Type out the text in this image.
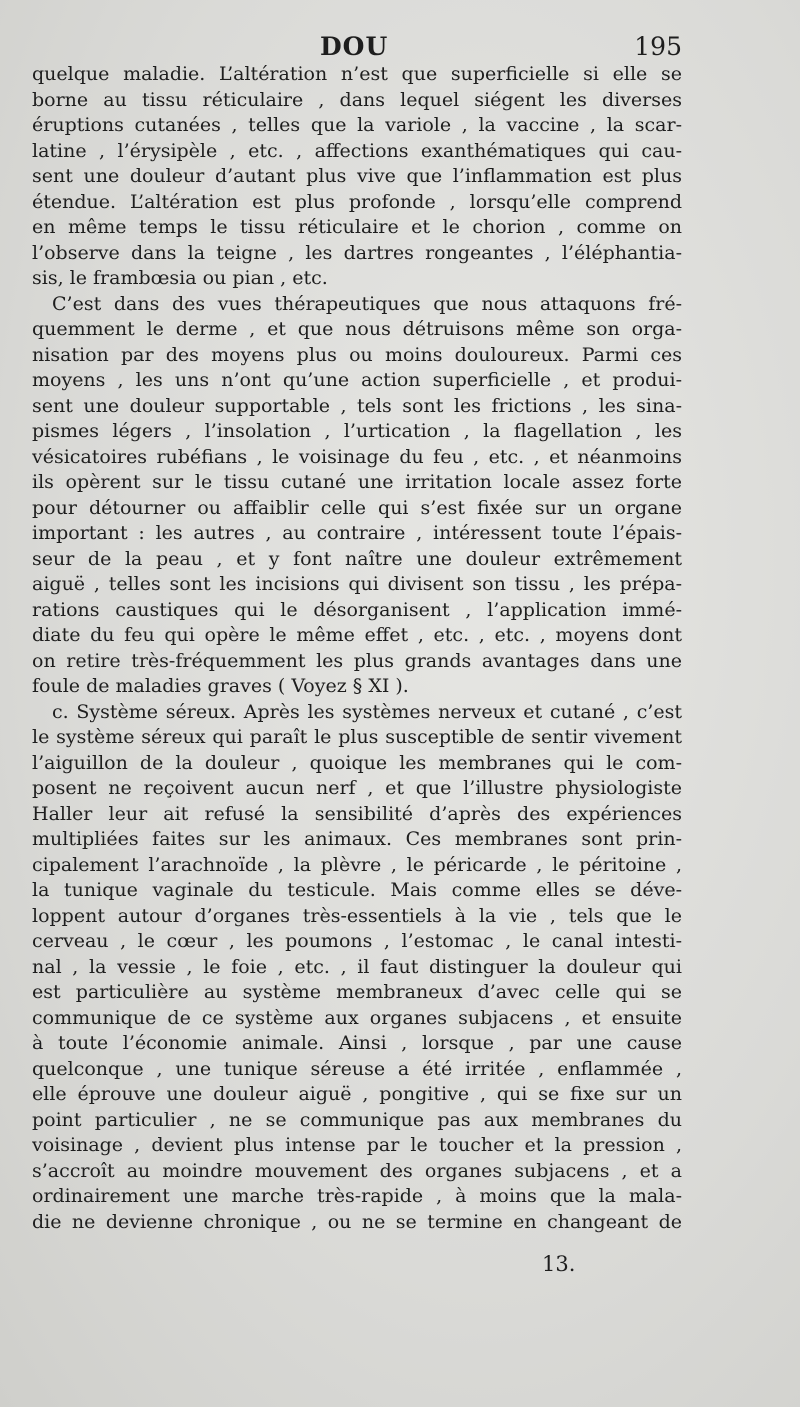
DOU	195
quelque maladie. L’altération n’est que superficielle si elle se
borne au tissu réticulaire , dans lequel siégent les diverses
éruptions cutanées , telles que la variole , la vaccine , la scar-
latine , l’érysipèle , etc. , affections exanthématiques qui cau-
sent une douleur d’autant plus vive que l’inflammation est plus
étendue. L’altération est plus profonde , lorsqu’elle comprend
en même temps le tissu réticulaire et le chorion , comme on
l’observe dans la teigne , les dartres rongeantes , l’éléphantia-
sis, le frambœsia ou pian , etc.
C’est dans des vues thérapeutiques que nous attaquons fré-
quemment le derme , et que nous détruisons même son orga-
nisation par des moyens plus ou moins douloureux. Parmi ces
moyens , les uns n’ont qu’une action superficielle , et produi-
sent une douleur supportable , tels sont les frictions , les sina-
pismes légers , l’insolation , l’urtication , la flagellation , les
vésicatoires rubéfians , le voisinage du feu , etc. , et néanmoins
ils opèrent sur le tissu cutané une irritation locale assez forte
pour détourner ou affaiblir celle qui s’est fixée sur un organe
important : les autres , au contraire , intéressent toute l’épais-
seur de la peau , et y font naître une douleur extrêmement
aiguë , telles sont les incisions qui divisent son tissu , les prépa-
rations caustiques qui le désorganisent , l’application immé-
diate du feu qui opère le même effet , etc. , etc. , moyens dont
on retire très-fréquemment les plus grands avantages dans une
foule de maladies graves ( Voyez § XI ).
c. Système séreux. Après les systèmes nerveux et cutané , c’est
le système séreux qui paraît le plus susceptible de sentir vivement
l’aiguillon de la douleur , quoique les membranes qui le com-
posent ne reçoivent aucun nerf , et que l’illustre physiologiste
Haller leur ait refusé la sensibilité d’après des expériences
multipliées faites sur les animaux. Ces membranes sont prin-
cipalement l’arachnoïde , la plèvre , le péricarde , le péritoine ,
la tunique vaginale du testicule. Mais comme elles se déve-
loppent autour d’organes très-essentiels à la vie , tels que le
cerveau , le cœur , les poumons , l’estomac , le canal intesti-
nal , la vessie , le foie , etc. , il faut distinguer la douleur qui
est particulière au système membraneux d’avec celle qui se
communique de ce système aux organes subjacens , et ensuite
à toute l’économie animale. Ainsi , lorsque , par une cause
quelconque , une tunique séreuse a été irritée , enflammée ,
elle éprouve une douleur aiguë , pongitive , qui se fixe sur un
point particulier , ne se communique pas aux membranes du
voisinage , devient plus intense par le toucher et la pression ,
s’accroît au moindre mouvement des organes subjacens , et a
ordinairement une marche très-rapide , à moins que la mala-
die ne devienne chronique , ou ne se termine en changeant de
13.
